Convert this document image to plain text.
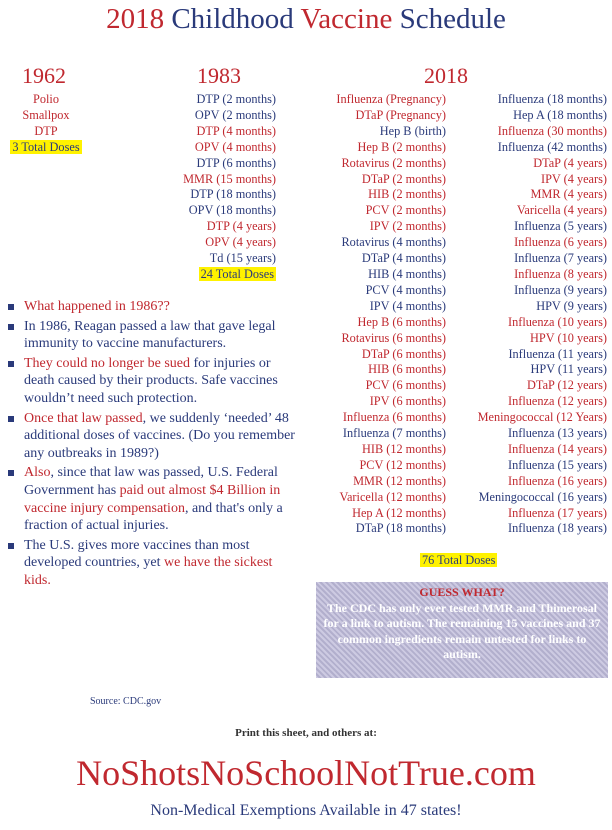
2018 Childhood Vaccine Schedule
1962	1983	2018
Polio
Smallpox
DTP
3 Total Doses
DTP (2 months)
OPV (2 months)
DTP (4 months)
OPV (4 months)
DTP (6 months)
MMR (15 months)
DTP (18 months)
OPV (18 months)
DTP (4 years)
OPV (4 years)
Td (15 years)
24 Total Doses
Influenza (Pregnancy)
DTaP (Pregnancy)
Hep B (birth)
Hep B (2 months)
Rotavirus (2 months)
DTaP (2 months)
HIB (2 months)
PCV (2 months)
IPV (2 months)
Rotavirus (4 months)
DTaP (4 months)
HIB (4 months)
PCV (4 months)
IPV (4 months)
Hep B (6 months)
Rotavirus (6 months)
DTaP (6 months)
HIB (6 months)
PCV (6 months)
IPV (6 months)
Influenza (6 months)
Influenza (7 months)
HIB (12 months)
PCV (12 months)
MMR (12 months)
Varicella (12 months)
Hep A (12 months)
DTaP (18 months)
Influenza (18 months)
Hep A (18 months)
Influenza (30 months)
Influenza (42 months)
DTaP (4 years)
IPV (4 years)
MMR (4 years)
Varicella (4 years)
Influenza (5 years)
Influenza (6 years)
Influenza (7 years)
Influenza (8 years)
Influenza (9 years)
HPV (9 years)
Influenza (10 years)
HPV (10 years)
Influenza (11 years)
HPV (11 years)
DTaP (12 years)
Influenza (12 years)
Meningococcal (12 Years)
Influenza (13 years)
Influenza (14 years)
Influenza (15 years)
Influenza (16 years)
Meningococcal (16 years)
Influenza (17 years)
Influenza (18 years)
76 Total Doses
What happened in 1986??
In 1986, Reagan passed a law that gave legal immunity to vaccine manufacturers.
They could no longer be sued for injuries or death caused by their products. Safe vaccines wouldn’t need such protection.
Once that law passed, we suddenly ‘needed’ 48 additional doses of vaccines. (Do you remember any outbreaks in 1989?)
Also, since that law was passed, U.S. Federal Government has paid out almost $4 Billion in vaccine injury compensation, and that's only a fraction of actual injuries.
The U.S. gives more vaccines than most developed countries, yet we have the sickest kids.
Source: CDC.gov
GUESS WHAT?
The CDC has only ever tested MMR and Thimerosal for a link to autism. The remaining 15 vaccines and 37 common ingredients remain untested for links to autism.
Print this sheet, and others at:
NoShotsNoSchoolNotTrue.com
Non-Medical Exemptions Available in 47 states!
